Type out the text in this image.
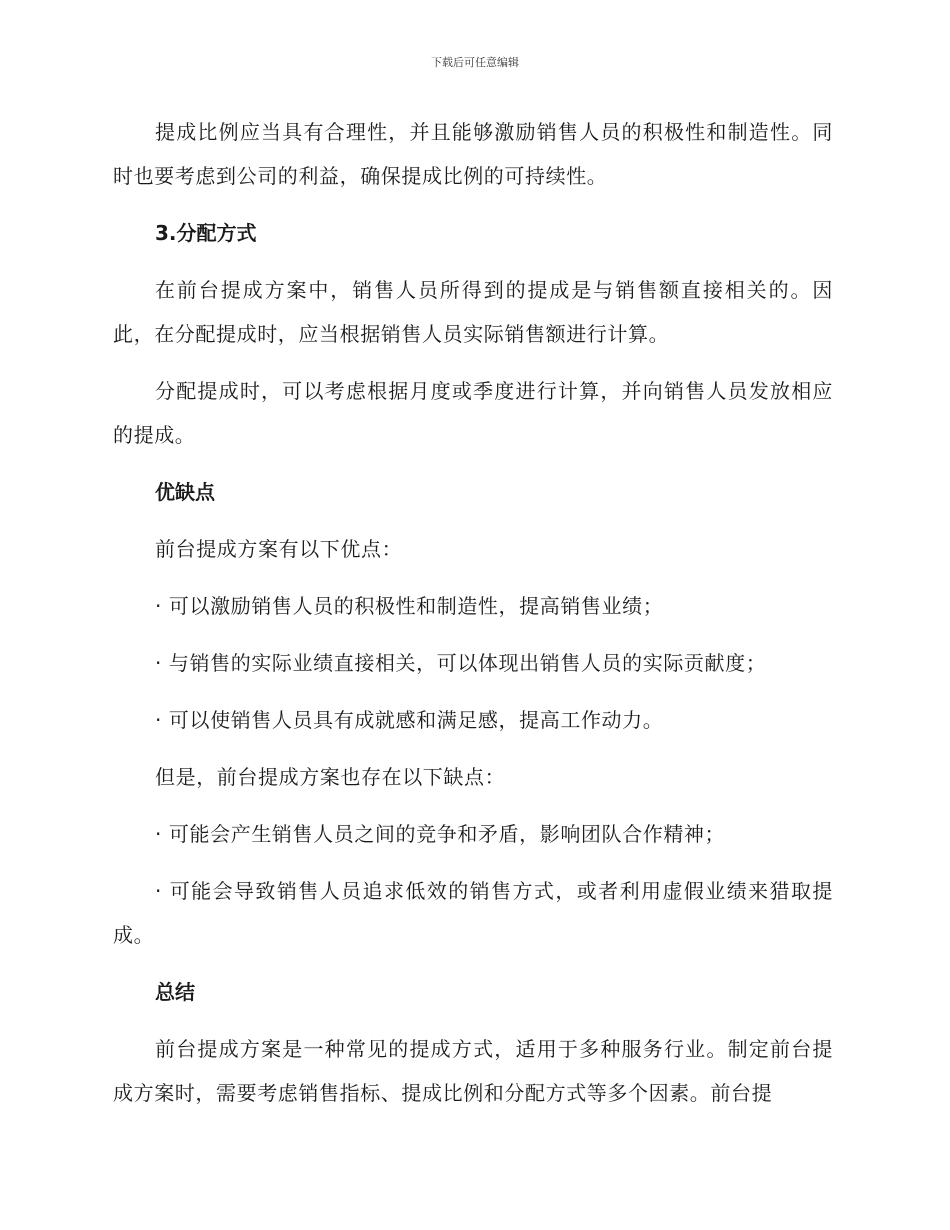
下载后可任意编辑

提成比例应当具有合理性，并且能够激励销售人员的积极性和制造性。同时也要考虑到公司的利益，确保提成比例的可持续性。

3.分配方式

在前台提成方案中，销售人员所得到的提成是与销售额直接相关的。因此，在分配提成时，应当根据销售人员实际销售额进行计算。

分配提成时，可以考虑根据月度或季度进行计算，并向销售人员发放相应的提成。

优缺点

前台提成方案有以下优点：

· 可以激励销售人员的积极性和制造性，提高销售业绩；

· 与销售的实际业绩直接相关，可以体现出销售人员的实际贡献度；

· 可以使销售人员具有成就感和满足感，提高工作动力。

但是，前台提成方案也存在以下缺点：

· 可能会产生销售人员之间的竞争和矛盾，影响团队合作精神；

· 可能会导致销售人员追求低效的销售方式，或者利用虚假业绩来猎取提成。

总结

前台提成方案是一种常见的提成方式，适用于多种服务行业。制定前台提成方案时，需要考虑销售指标、提成比例和分配方式等多个因素。前台提
